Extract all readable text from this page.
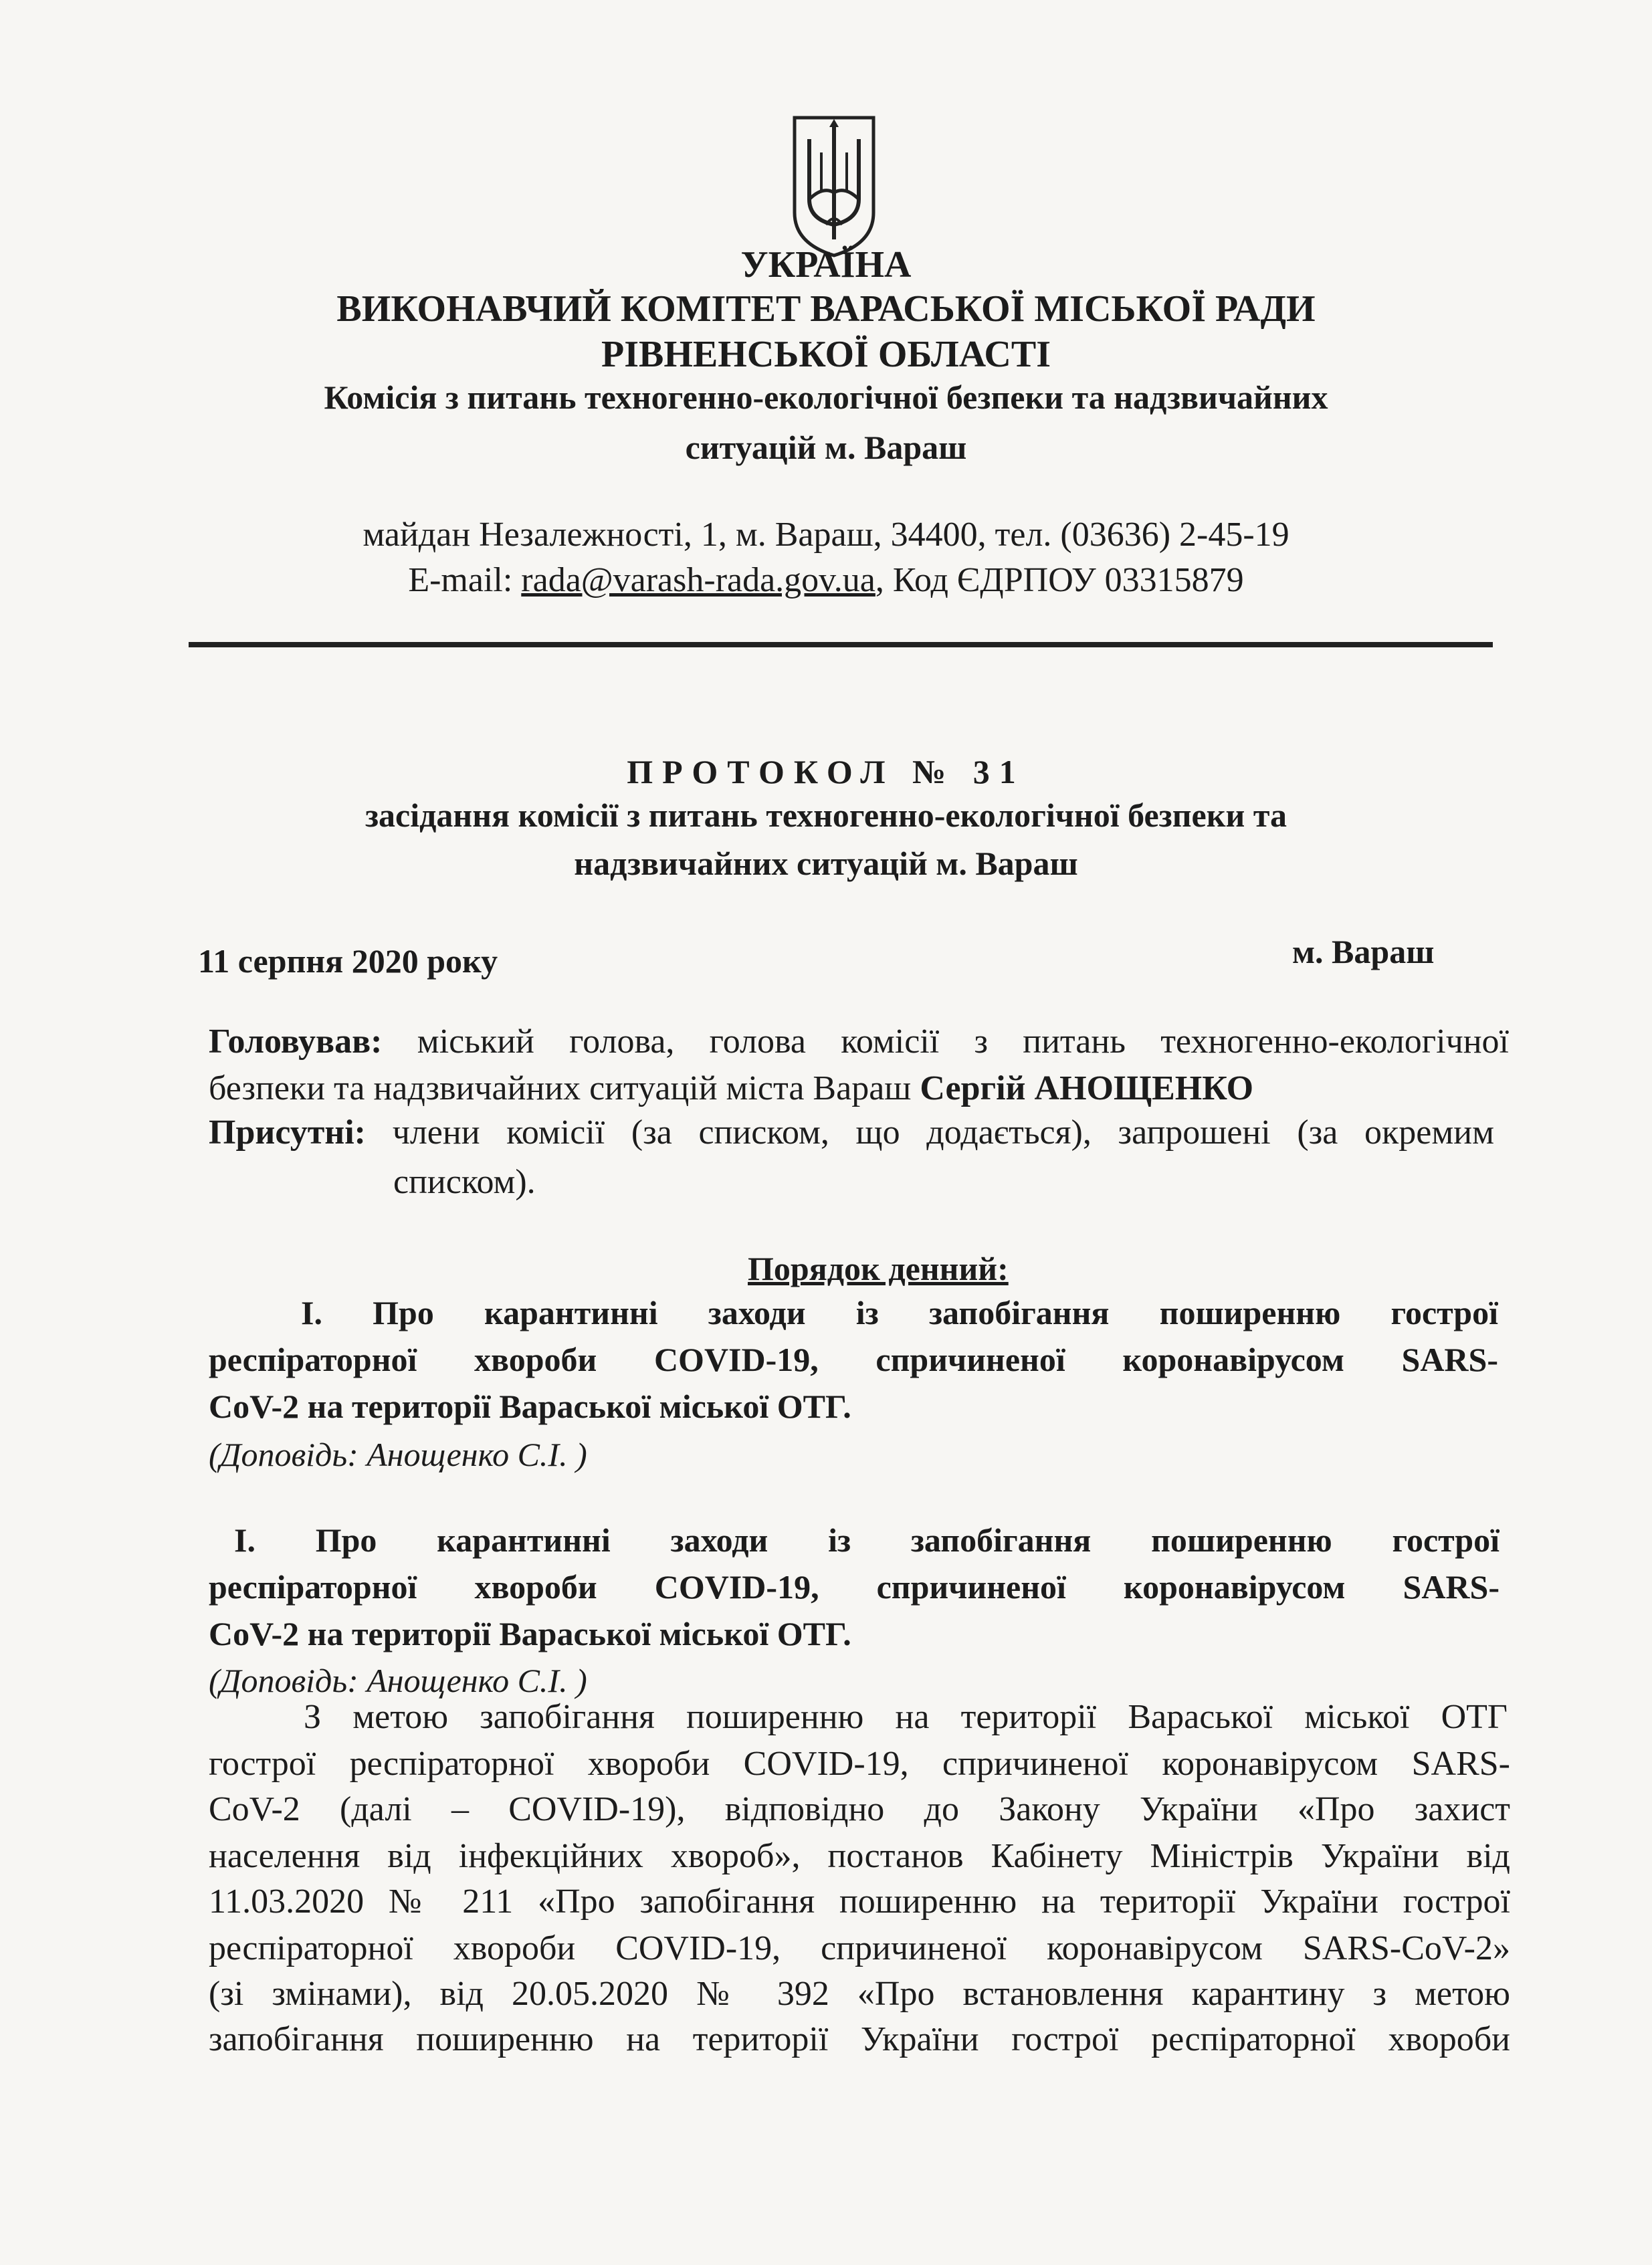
УКРАЇНА
ВИКОНАВЧИЙ КОМІТЕТ ВАРАСЬКОЇ МІСЬКОЇ РАДИ
РІВНЕНСЬКОЇ ОБЛАСТІ
Комісія з питань техногенно-екологічної безпеки та надзвичайних
ситуацій м. Вараш
майдан Незалежності, 1, м. Вараш, 34400, тел. (03636) 2-45-19
E-mail: rada@varash-rada.gov.ua, Код ЄДРПОУ 03315879
ПРОТОКОЛ № 31
засідання комісії з питань техногенно-екологічної безпеки та
надзвичайних ситуацій м. Вараш
11 серпня 2020 року	м. Вараш
Головував: міський голова, голова комісії з питань техногенно-екологічної
безпеки та надзвичайних ситуацій міста Вараш Сергій АНОЩЕНКО
Присутні: члени комісії (за списком, що додається), запрошені (за окремим
списком).
Порядок денний:
І. Про карантинні заходи із запобігання поширенню гострої
респіраторної хвороби COVID-19, спричиненої коронавірусом SARS-
CoV-2 на території Вараської міської ОТГ.
(Доповідь: Анощенко С.І. )
І. Про карантинні заходи із запобігання поширенню гострої
респіраторної хвороби COVID-19, спричиненої коронавірусом SARS-
CoV-2 на території Вараської міської ОТГ.
(Доповідь: Анощенко С.І. )
З метою запобігання поширенню на території Вараської міської ОТГ
гострої респіраторної хвороби COVID-19, спричиненої коронавірусом SARS-
CoV-2 (далі – COVID-19), відповідно до Закону України «Про захист
населення від інфекційних хвороб», постанов Кабінету Міністрів України від
11.03.2020 № 211 «Про запобігання поширенню на території України гострої
респіраторної хвороби COVID-19, спричиненої коронавірусом SARS-CoV-2»
(зі змінами), від 20.05.2020 № 392 «Про встановлення карантину з метою
запобігання поширенню на території України гострої респіраторної хвороби
